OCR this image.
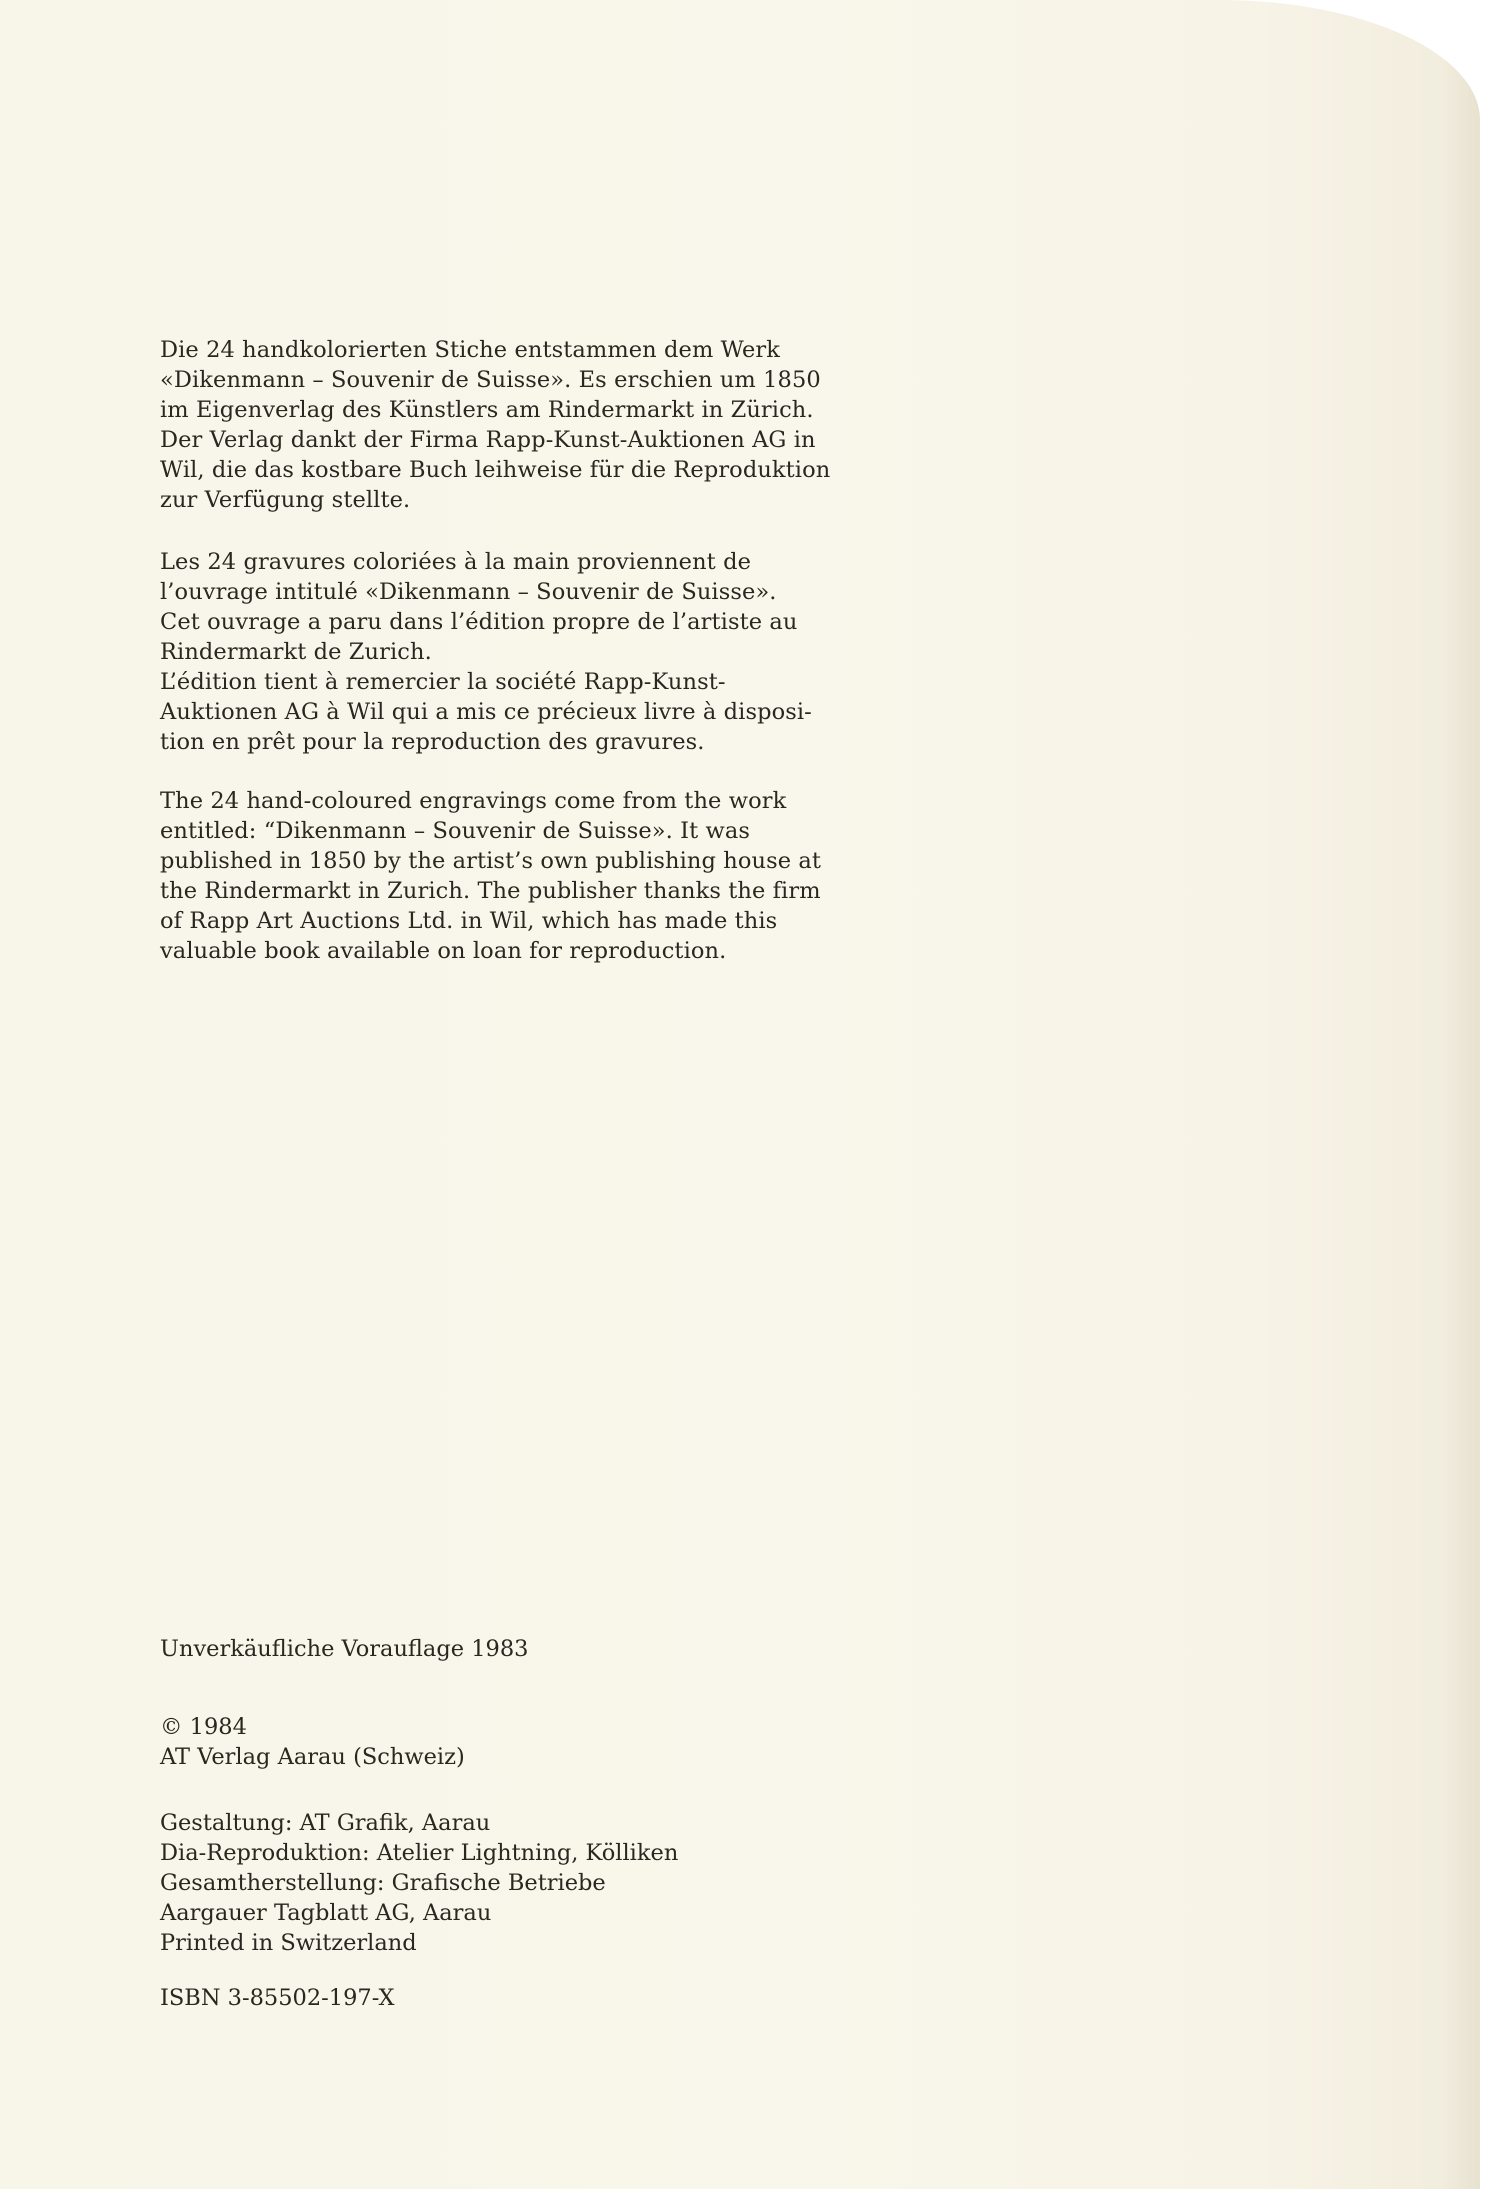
Die 24 handkolorierten Stiche entstammen dem Werk
«Dikenmann – Souvenir de Suisse». Es erschien um 1850
im Eigenverlag des Künstlers am Rindermarkt in Zürich.
Der Verlag dankt der Firma Rapp-Kunst-Auktionen AG in
Wil, die das kostbare Buch leihweise für die Reproduktion
zur Verfügung stellte.

Les 24 gravures coloriées à la main proviennent de
l’ouvrage intitulé «Dikenmann – Souvenir de Suisse».
Cet ouvrage a paru dans l’édition propre de l’artiste au
Rindermarkt de Zurich.
L’édition tient à remercier la société Rapp-Kunst-
Auktionen AG à Wil qui a mis ce précieux livre à disposi-
tion en prêt pour la reproduction des gravures.

The 24 hand-coloured engravings come from the work
entitled: “Dikenmann – Souvenir de Suisse». It was
published in 1850 by the artist’s own publishing house at
the Rindermarkt in Zurich. The publisher thanks the firm
of Rapp Art Auctions Ltd. in Wil, which has made this
valuable book available on loan for reproduction.

Unverkäufliche Vorauflage 1983

© 1984

AT Verlag Aarau (Schweiz)

Gestaltung: AT Grafik, Aarau

Dia-Reproduktion: Atelier Lightning, Kölliken

Gesamtherstellung: Grafische Betriebe

Aargauer Tagblatt AG, Aarau

Printed in Switzerland

ISBN 3-85502-197-X
